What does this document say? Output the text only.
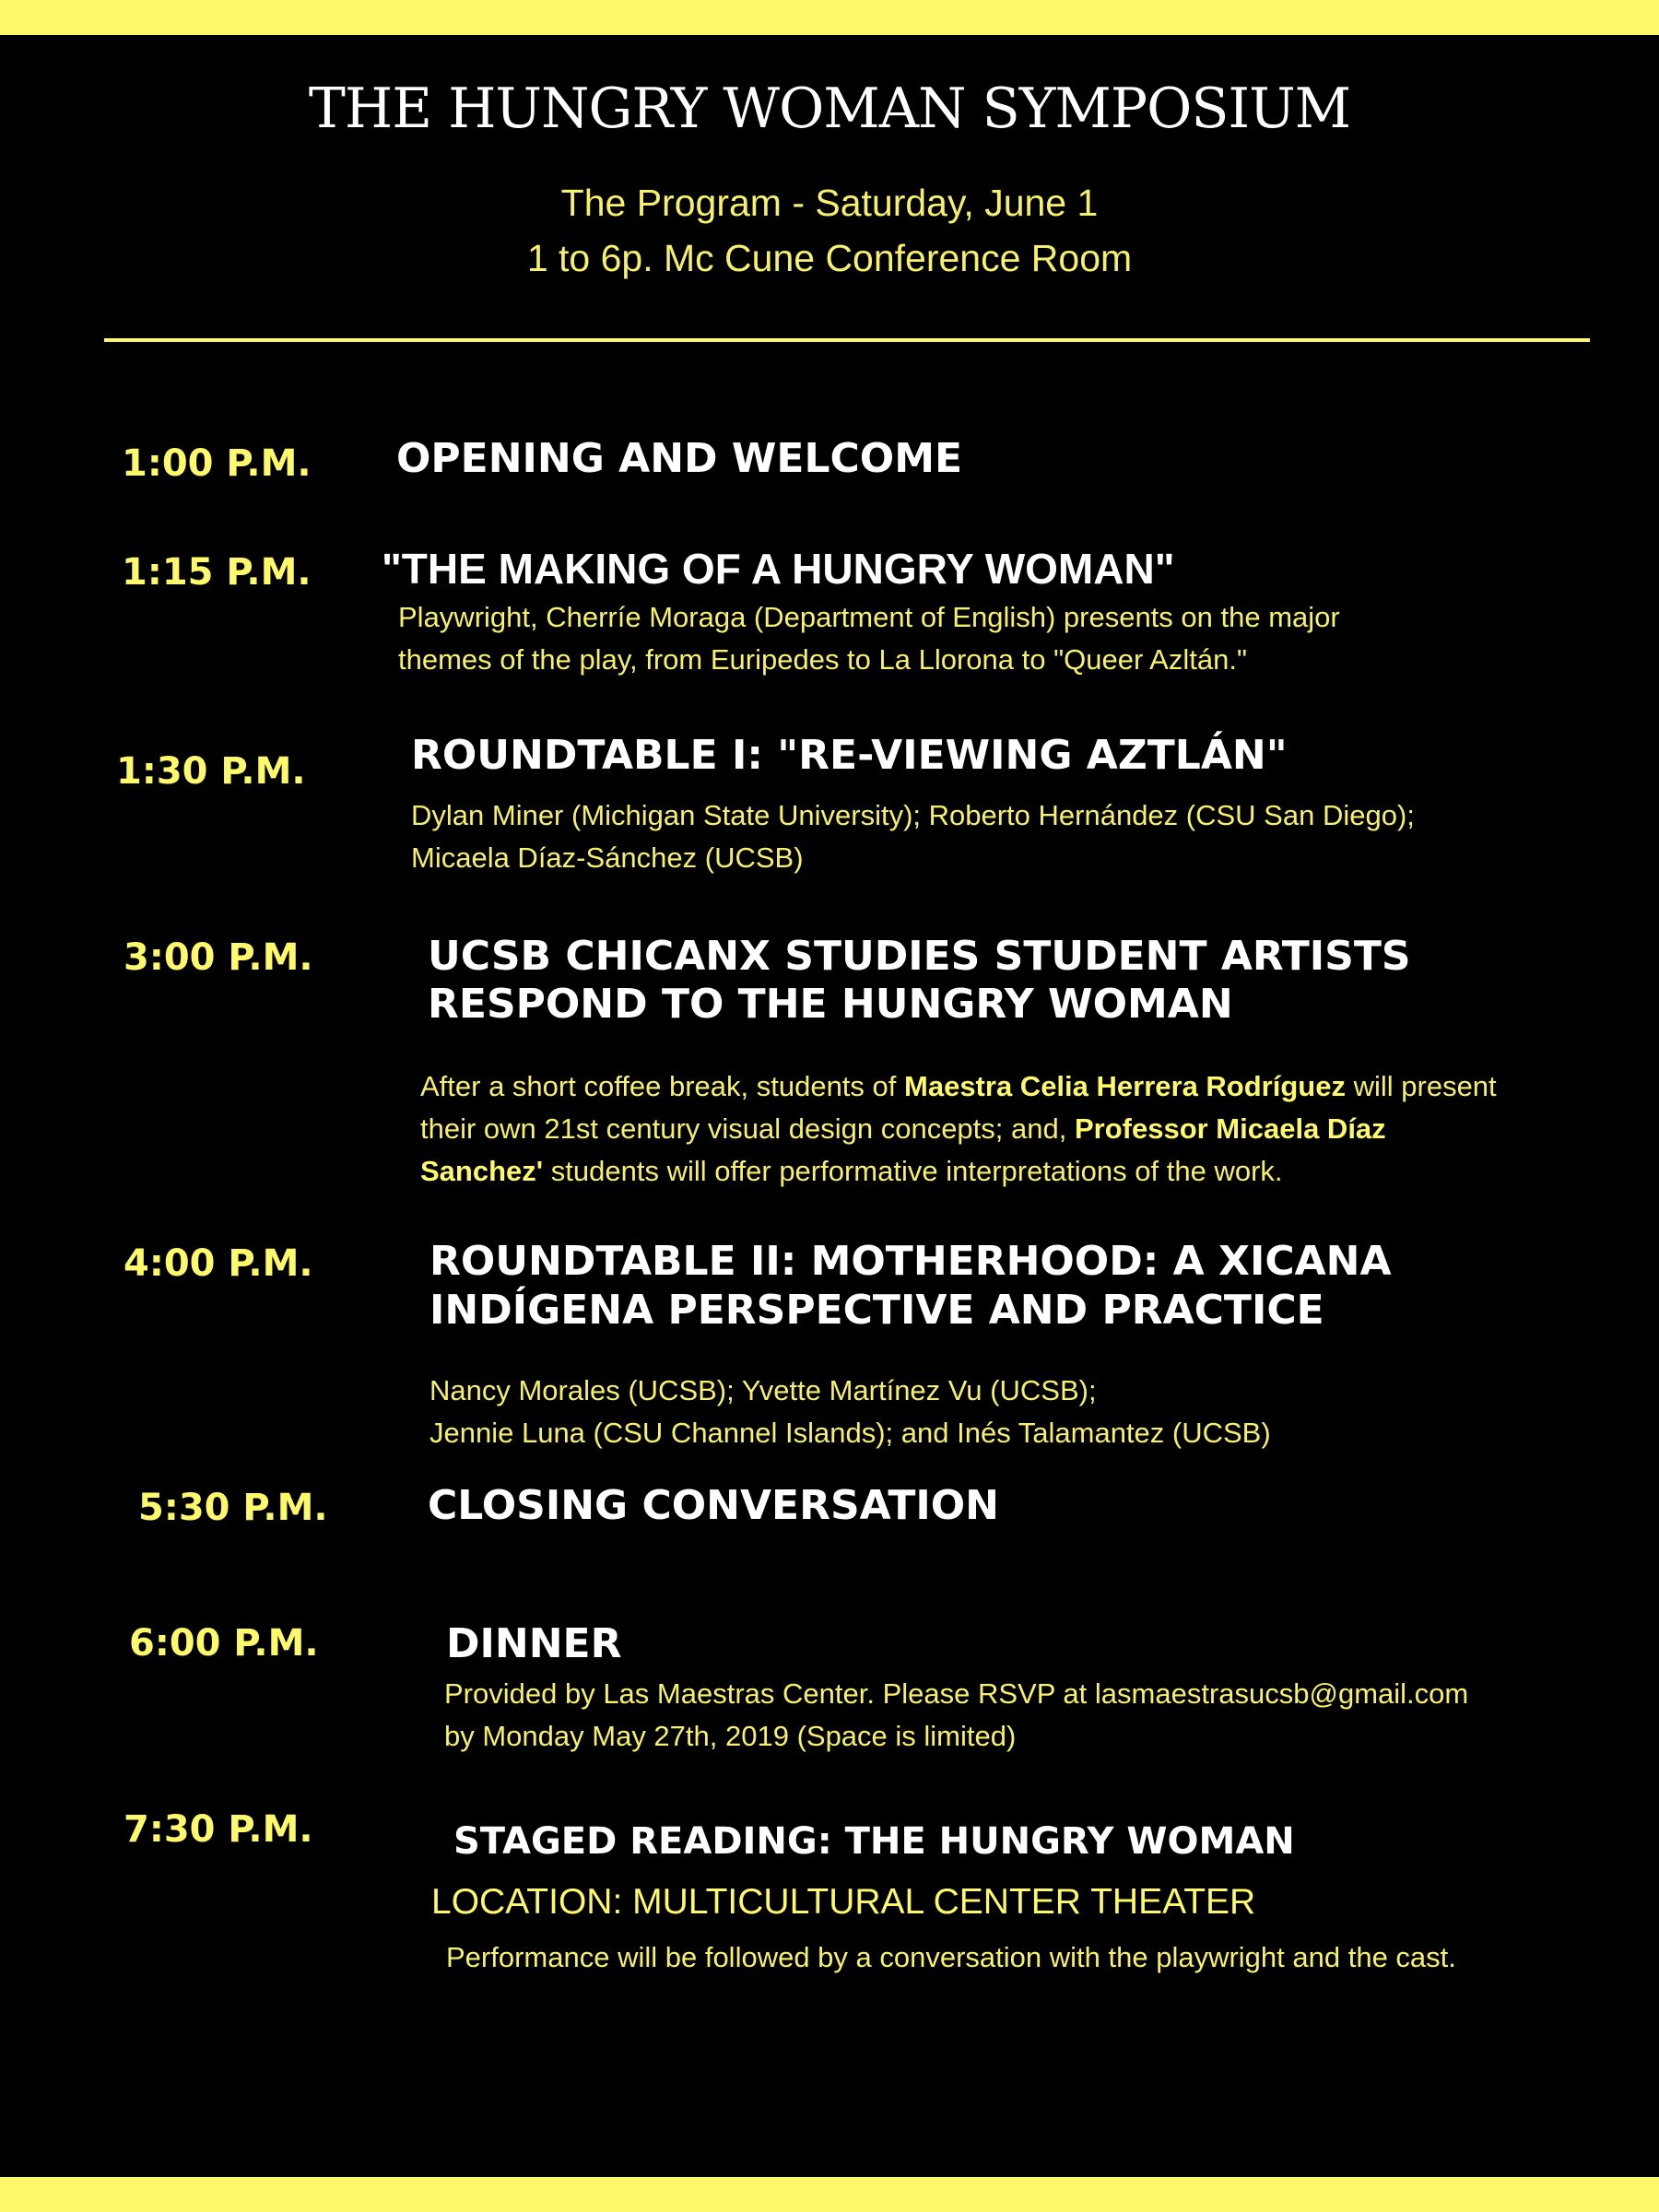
THE HUNGRY WOMAN SYMPOSIUM
The Program - Saturday, June 1
1 to 6p. Mc Cune Conference Room
1:00 P.M. OPENING AND WELCOME
1:15 P.M. "THE MAKING OF A HUNGRY WOMAN"
Playwright, Cherríe Moraga (Department of English) presents on the major
themes of the play, from Euripedes to La Llorona to "Queer Azltán."
1:30 P.M.	ROUNDTABLE I: "RE-VIEWING AZTLÁN"
Dylan Miner (Michigan State University); Roberto Hernández (CSU San Diego);
Micaela Díaz-Sánchez (UCSB)
3:00 P.M.	UCSB CHICANX STUDIES STUDENT ARTISTS
RESPOND TO THE HUNGRY WOMAN
After a short coffee break, students of Maestra Celia Herrera Rodríguez will present their own 21st century visual design concepts; and, Professor Micaela Díaz Sanchez' students will offer performative interpretations of the work.
4:00 P.M.	ROUNDTABLE II: MOTHERHOOD: A XICANA
INDÍGENA PERSPECTIVE AND PRACTICE
Nancy Morales (UCSB); Yvette Martínez Vu (UCSB);
Jennie Luna (CSU Channel Islands); and Inés Talamantez (UCSB)
5:30 P.M. CLOSING CONVERSATION
6:00 P.M.	DINNER
Provided by Las Maestras Center. Please RSVP at lasmaestrasucsb@gmail.com
by Monday May 27th, 2019 (Space is limited)
7:30 P.M.	STAGED READING: THE HUNGRY WOMAN
LOCATION: MULTICULTURAL CENTER THEATER
Performance will be followed by a conversation with the playwright and the cast.
